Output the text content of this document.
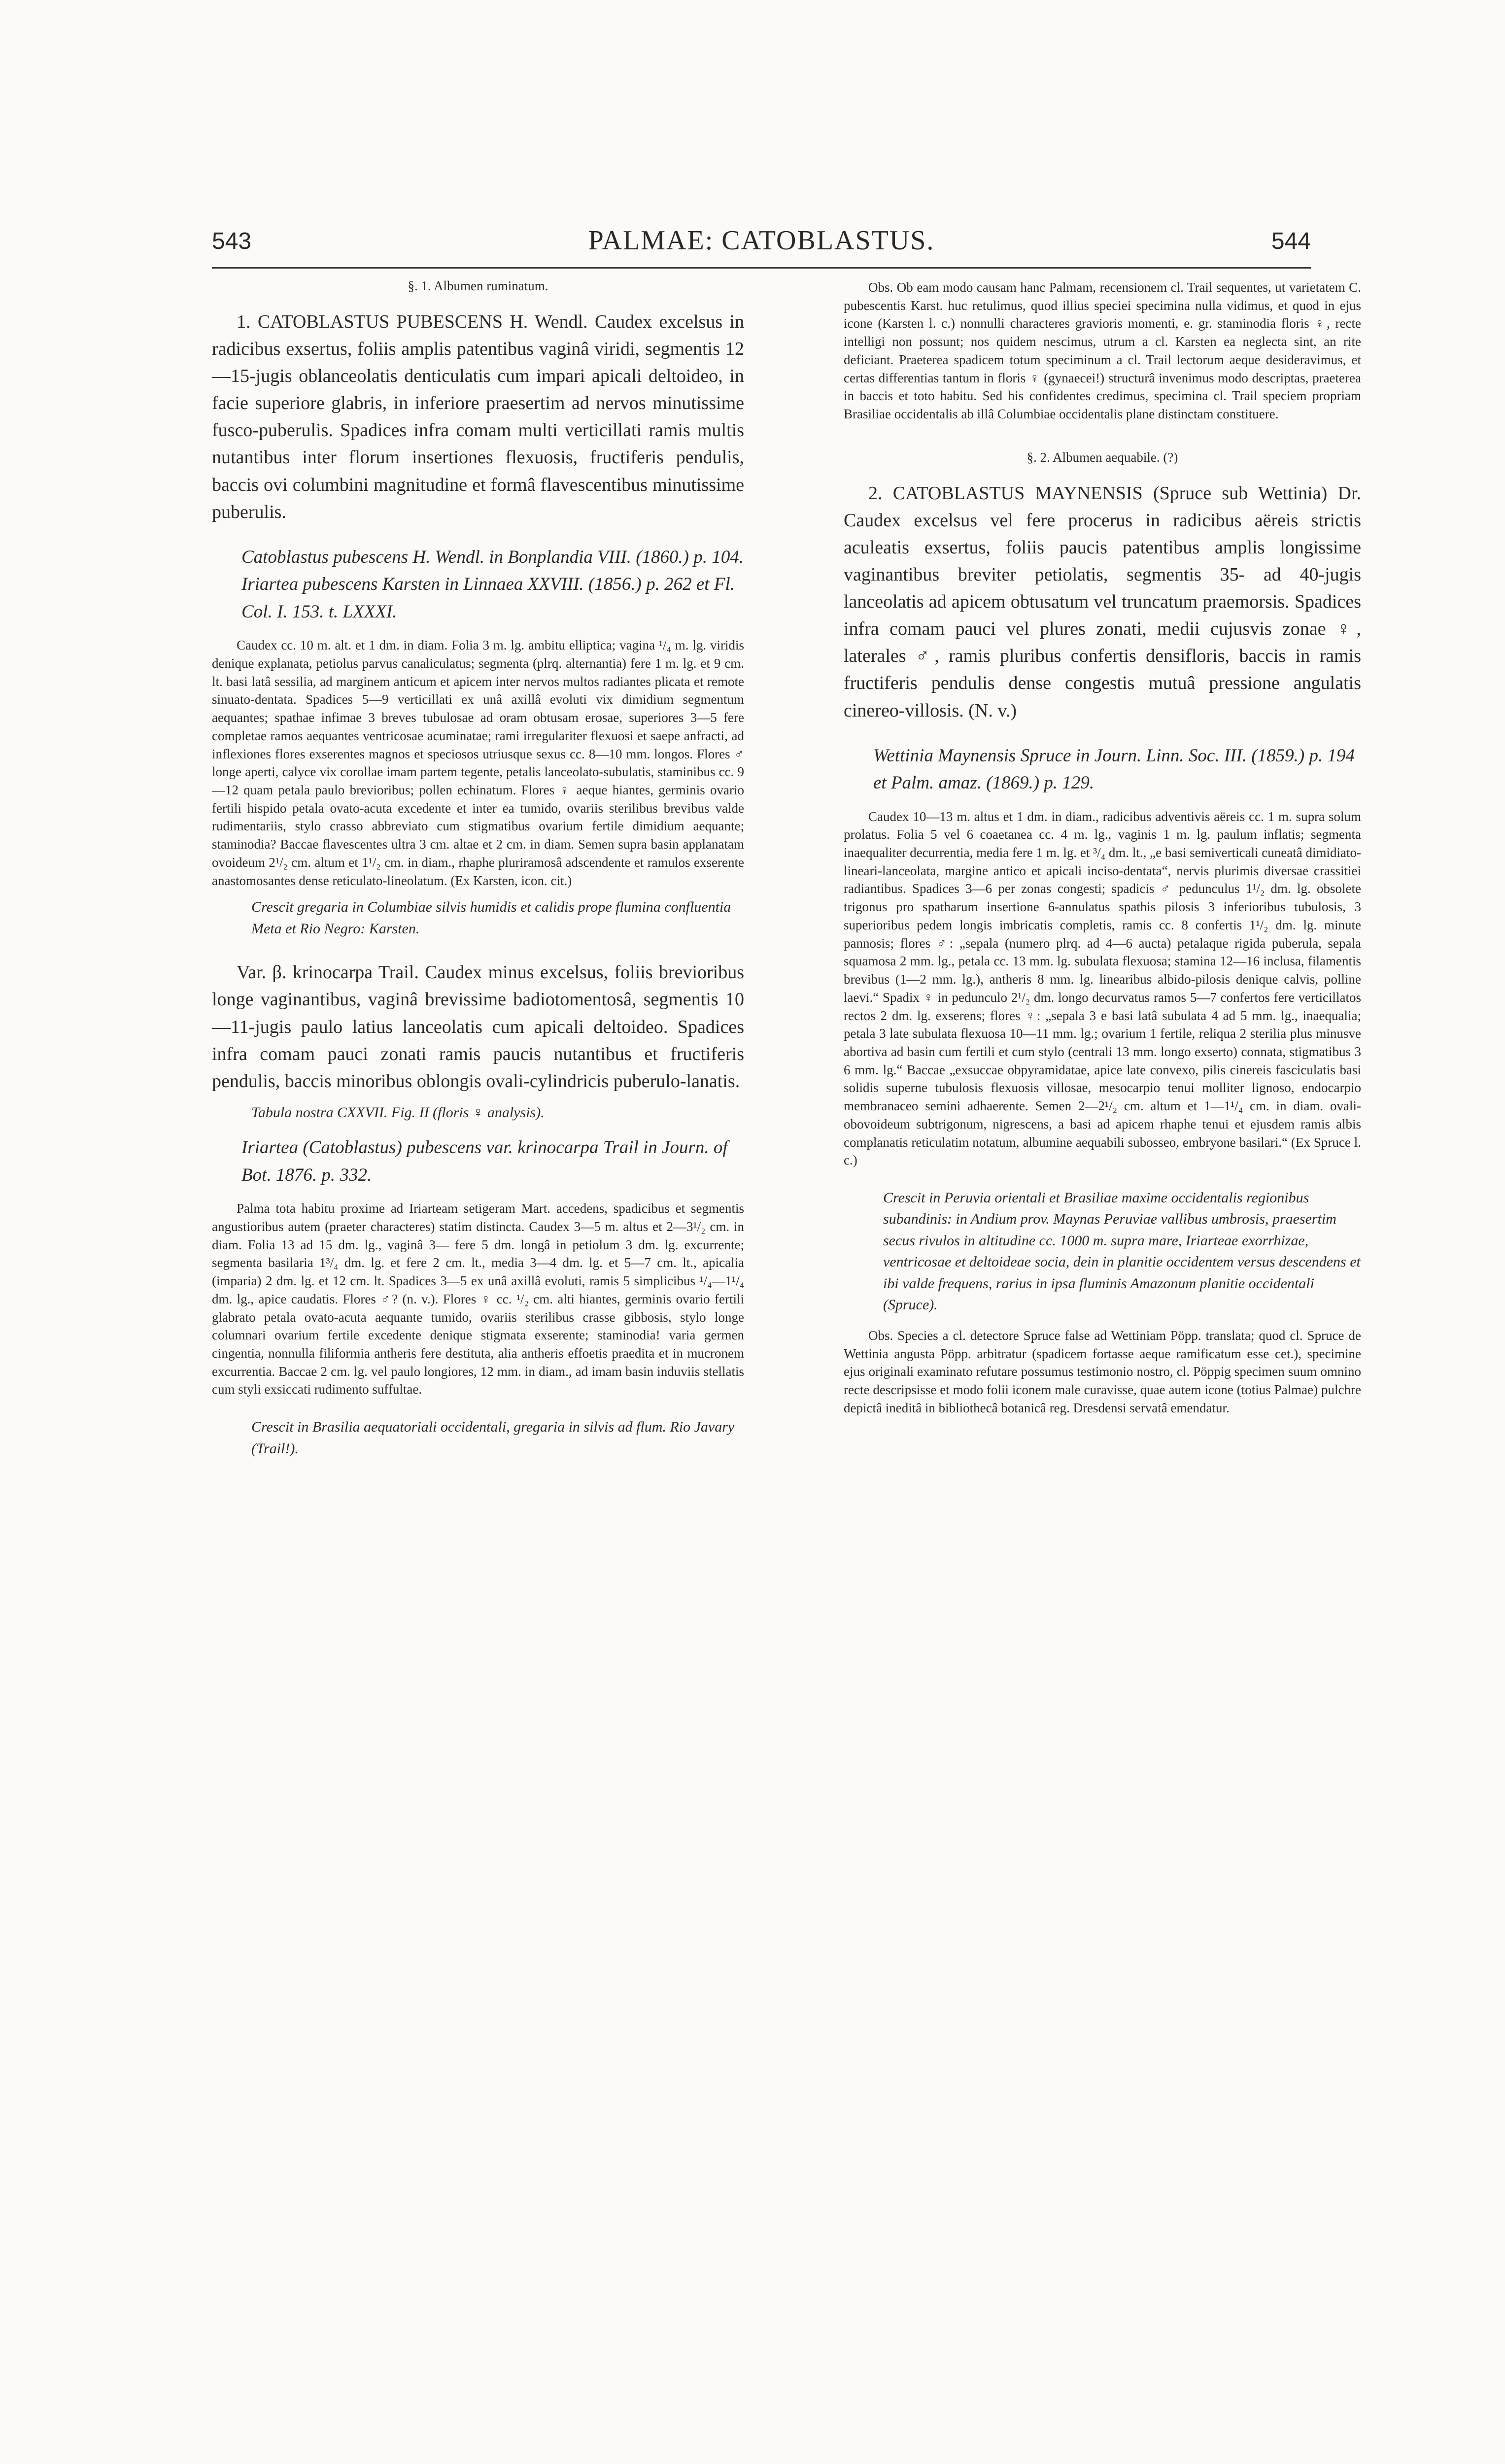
543	PALMAE: CATOBLASTUS.	544

§. 1. Albumen ruminatum.

1. CATOBLASTUS PUBESCENS H. Wendl. Caudex excelsus in radicibus exsertus, foliis amplis patentibus vaginâ viridi, segmentis 12—15-jugis oblanceolatis denticulatis cum impari apicali deltoideo, in facie superiore glabris, in inferiore praesertim ad nervos minutissime fusco-puberulis. Spadices infra comam multi verticillati ramis multis nutantibus inter florum insertiones flexuosis, fructiferis pendulis, baccis ovi columbini magnitudine et formâ flavescentibus minutissime puberulis.

Catoblastus pubescens H. Wendl. in Bonplandia VIII. (1860.) p. 104.

Iriartea pubescens Karsten in Linnaea XXVIII. (1856.) p. 262 et Fl. Col. I. 153. t. LXXXI.

Caudex cc. 10 m. alt. et 1 dm. in diam. Folia 3 m. lg. ambitu elliptica; vagina ¹/₄ m. lg. viridis denique explanata, petiolus parvus canaliculatus; segmenta (plrq. alternantia) fere 1 m. lg. et 9 cm. lt. basi latâ sessilia, ad marginem anticum et apicem inter nervos multos radiantes plicata et remote sinuato-dentata. Spadices 5—9 verticillati ex unâ axillâ evoluti vix dimidium segmentum aequantes; spathae infimae 3 breves tubulosae ad oram obtusam erosae, superiores 3—5 fere completae ramos aequantes ventricosae acuminatae; rami irregulariter flexuosi et saepe anfracti, ad inflexiones flores exserentes magnos et speciosos utriusque sexus cc. 8—10 mm. longos. Flores ♂ longe aperti, calyce vix corollae imam partem tegente, petalis lanceolato-subulatis, staminibus cc. 9—12 quam petala paulo brevioribus; pollen echinatum. Flores ♀ aeque hiantes, germinis ovario fertili hispido petala ovato-acuta excedente et inter ea tumido, ovariis sterilibus brevibus valde rudimentariis, stylo crasso abbreviato cum stigmatibus ovarium fertile dimidium aequante; staminodia? Baccae flavescentes ultra 3 cm. altae et 2 cm. in diam. Semen supra basin applanatam ovoideum 2¹/₂ cm. altum et 1¹/₂ cm. in diam., rhaphe pluriramosâ adscendente et ramulos exserente anastomosantes dense reticulato-lineolatum. (Ex Karsten, icon. cit.)

Crescit gregaria in Columbiae silvis humidis et calidis prope flumina confluentia Meta et Rio Negro: Karsten.

Var. β. krinocarpa Trail. Caudex minus excelsus, foliis brevioribus longe vaginantibus, vaginâ brevissime badiotomentosâ, segmentis 10—11-jugis paulo latius lanceolatis cum apicali deltoideo. Spadices infra comam pauci zonati ramis paucis nutantibus et fructiferis pendulis, baccis minoribus oblongis ovali-cylindricis puberulo-lanatis.

Tabula nostra CXXVII. Fig. II (floris ♀ analysis).

Iriartea (Catoblastus) pubescens var. krinocarpa Trail in Journ. of Bot. 1876. p. 332.

Palma tota habitu proxime ad Iriarteam setigeram Mart. accedens, spadicibus et segmentis angustioribus autem (praeter characteres) statim distincta. Caudex 3—5 m. altus et 2—3¹/₂ cm. in diam. Folia 13 ad 15 dm. lg., vaginâ 3— fere 5 dm. longâ in petiolum 3 dm. lg. excurrente; segmenta basilaria 1³/₄ dm. lg. et fere 2 cm. lt., media 3—4 dm. lg. et 5—7 cm. lt., apicalia (imparia) 2 dm. lg. et 12 cm. lt. Spadices 3—5 ex unâ axillâ evoluti, ramis 5 simplicibus ¹/₄—1¹/₄ dm. lg., apice caudatis. Flores ♂? (n. v.). Flores ♀ cc. ¹/₂ cm. alti hiantes, germinis ovario fertili glabrato petala ovato-acuta aequante tumido, ovariis sterilibus crasse gibbosis, stylo longe columnari ovarium fertile excedente denique stigmata exserente; staminodia! varia germen cingentia, nonnulla filiformia antheris fere destituta, alia antheris effoetis praedita et in mucronem excurrentia. Baccae 2 cm. lg. vel paulo longiores, 12 mm. in diam., ad imam basin induviis stellatis cum styli exsiccati rudimento suffultae.

Crescit in Brasilia aequatoriali occidentali, gregaria in silvis ad flum. Rio Javary (Trail!).

Obs. Ob eam modo causam hanc Palmam, recensionem cl. Trail sequentes, ut varietatem C. pubescentis Karst. huc retulimus, quod illius speciei specimina nulla vidimus, et quod in ejus icone (Karsten l. c.) nonnulli characteres gravioris momenti, e. gr. staminodia floris ♀, recte intelligi non possunt; nos quidem nescimus, utrum a cl. Karsten ea neglecta sint, an rite deficiant. Praeterea spadicem totum speciminum a cl. Trail lectorum aeque desideravimus, et certas differentias tantum in floris ♀ (gynaecei!) structurâ invenimus modo descriptas, praeterea in baccis et toto habitu. Sed his confidentes credimus, specimina cl. Trail speciem propriam Brasiliae occidentalis ab illâ Columbiae occidentalis plane distinctam constituere.

§. 2. Albumen aequabile. (?)

2. CATOBLASTUS MAYNENSIS (Spruce sub Wettinia) Dr. Caudex excelsus vel fere procerus in radicibus aëreis strictis aculeatis exsertus, foliis paucis patentibus amplis longissime vaginantibus breviter petiolatis, segmentis 35- ad 40-jugis lanceolatis ad apicem obtusatum vel truncatum praemorsis. Spadices infra comam pauci vel plures zonati, medii cujusvis zonae ♀, laterales ♂, ramis pluribus confertis densifloris, baccis in ramis fructiferis pendulis dense congestis mutuâ pressione angulatis cinereo-villosis. (N. v.)

Wettinia Maynensis Spruce in Journ. Linn. Soc. III. (1859.) p. 194 et Palm. amaz. (1869.) p. 129.

Caudex 10—13 m. altus et 1 dm. in diam., radicibus adventivis aëreis cc. 1 m. supra solum prolatus. Folia 5 vel 6 coaetanea cc. 4 m. lg., vaginis 1 m. lg. paulum inflatis; segmenta inaequaliter decurrentia, media fere 1 m. lg. et ³/₄ dm. lt., „e basi semiverticali cuneatâ dimidiato-lineari-lanceolata, margine antico et apicali inciso-dentata“, nervis plurimis diversae crassitiei radiantibus. Spadices 3—6 per zonas congesti; spadicis ♂ pedunculus 1¹/₂ dm. lg. obsolete trigonus pro spatharum insertione 6-annulatus spathis pilosis 3 inferioribus tubulosis, 3 superioribus pedem longis imbricatis completis, ramis cc. 8 confertis 1¹/₂ dm. lg. minute pannosis; flores ♂: „sepala (numero plrq. ad 4—6 aucta) petalaque rigida puberula, sepala squamosa 2 mm. lg., petala cc. 13 mm. lg. subulata flexuosa; stamina 12—16 inclusa, filamentis brevibus (1—2 mm. lg.), antheris 8 mm. lg. linearibus albido-pilosis denique calvis, polline laevi.“ Spadix ♀ in pedunculo 2¹/₂ dm. longo decurvatus ramos 5—7 confertos fere verticillatos rectos 2 dm. lg. exserens; flores ♀: „sepala 3 e basi latâ subulata 4 ad 5 mm. lg., inaequalia; petala 3 late subulata flexuosa 10—11 mm. lg.; ovarium 1 fertile, reliqua 2 sterilia plus minusve abortiva ad basin cum fertili et cum stylo (centrali 13 mm. longo exserto) connata, stigmatibus 3 6 mm. lg.“ Baccae „exsuccae obpyramidatae, apice late convexo, pilis cinereis fasciculatis basi solidis superne tubulosis flexuosis villosae, mesocarpio tenui molliter lignoso, endocarpio membranaceo semini adhaerente. Semen 2—2¹/₂ cm. altum et 1—1¹/₄ cm. in diam. ovali-obovoideum subtrigonum, nigrescens, a basi ad apicem rhaphe tenui et ejusdem ramis albis complanatis reticulatim notatum, albumine aequabili subosseo, embryone basilari.“ (Ex Spruce l. c.)

Crescit in Peruvia orientali et Brasiliae maxime occidentalis regionibus subandinis: in Andium prov. Maynas Peruviae vallibus umbrosis, praesertim secus rivulos in altitudine cc. 1000 m. supra mare, Iriarteae exorrhizae, ventricosae et deltoideae socia, dein in planitie occidentem versus descendens et ibi valde frequens, rarius in ipsa fluminis Amazonum planitie occidentali (Spruce).

Obs. Species a cl. detectore Spruce false ad Wettiniam Pöpp. translata; quod cl. Spruce de Wettinia angusta Pöpp. arbitratur (spadicem fortasse aeque ramificatum esse cet.), specimine ejus originali examinato refutare possumus testimonio nostro, cl. Pöppig specimen suum omnino recte descripsisse et modo folii iconem male curavisse, quae autem icone (totius Palmae) pulchre depictâ ineditâ in bibliothecâ botanicâ reg. Dresdensi servatâ emendatur.
